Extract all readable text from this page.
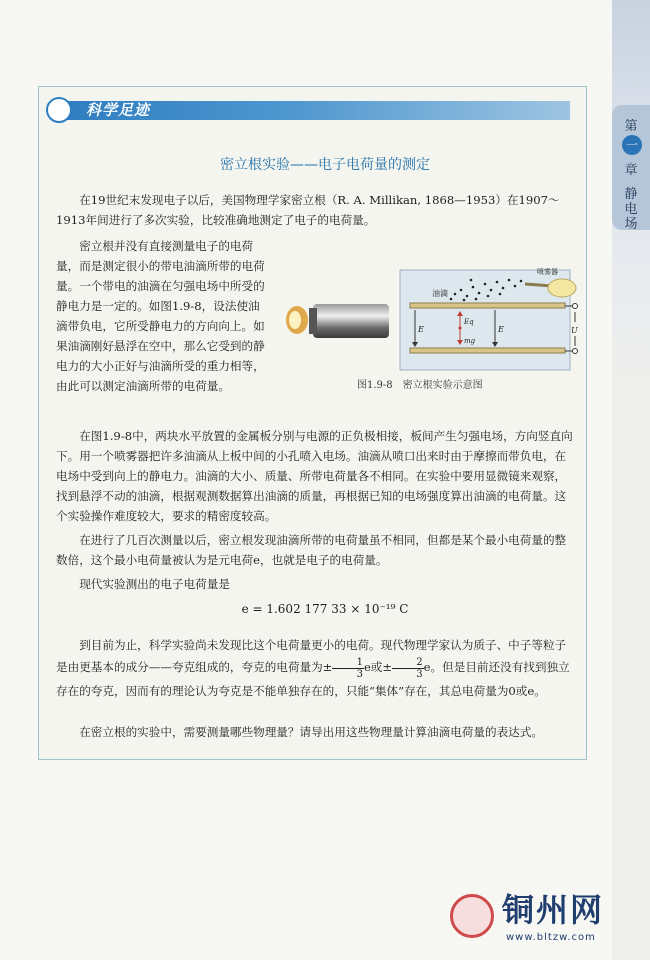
第
一
章
静电场
科学足迹
密立根实验——电子电荷量的测定

在19世纪末发现电子以后，美国物理学家密立根（R. A. Millikan, 1868—1953）在1907～1913年间进行了多次实验，比较准确地测定了电子的电荷量。

密立根并没有直接测量电子的电荷量，而是测定很小的带电油滴所带的电荷量。一个带电的油滴在匀强电场中所受的静电力是一定的。如图1.9-8，设法使油滴带负电，它所受静电力的方向向上。如果油滴刚好悬浮在空中，那么它受到的静电力的大小正好与油滴所受的重力相等，由此可以测定油滴所带的电荷量。

喷雾器
油滴
Eq
mg
E	E	U
图1.9-8　密立根实验示意图

在图1.9-8中，两块水平放置的金属板分别与电源的正负极相接，板间产生匀强电场，方向竖直向下。用一个喷雾器把许多油滴从上板中间的小孔喷入电场。油滴从喷口出来时由于摩擦而带负电，在电场中受到向上的静电力。油滴的大小、质量、所带电荷量各不相同。在实验中要用显微镜来观察，找到悬浮不动的油滴，根据观测数据算出油滴的质量，再根据已知的电场强度算出油滴的电荷量。这个实验操作难度较大，要求的精密度较高。

在进行了几百次测量以后，密立根发现油滴所带的电荷量虽不相同，但都是某个最小电荷量的整数倍，这个最小电荷量被认为是元电荷e，也就是电子的电荷量。

现代实验测出的电子电荷量是

e = 1.602 177 33 × 10⁻¹⁹ C

到目前为止，科学实验尚未发现比这个电荷量更小的电荷。现代物理学家认为质子、中子等粒子是由更基本的成分——夸克组成的，夸克的电荷量为± $\frac{1}{3}$ e或± $\frac{2}{3}$ e。但是目前还没有找到独立存在的夸克，因而有的理论认为夸克是不能单独存在的，只能“集体”存在，其总电荷量为0或e。

在密立根的实验中，需要测量哪些物理量？请导出用这些物理量计算油滴电荷量的表达式。

铜州网
www.bltzw.com
